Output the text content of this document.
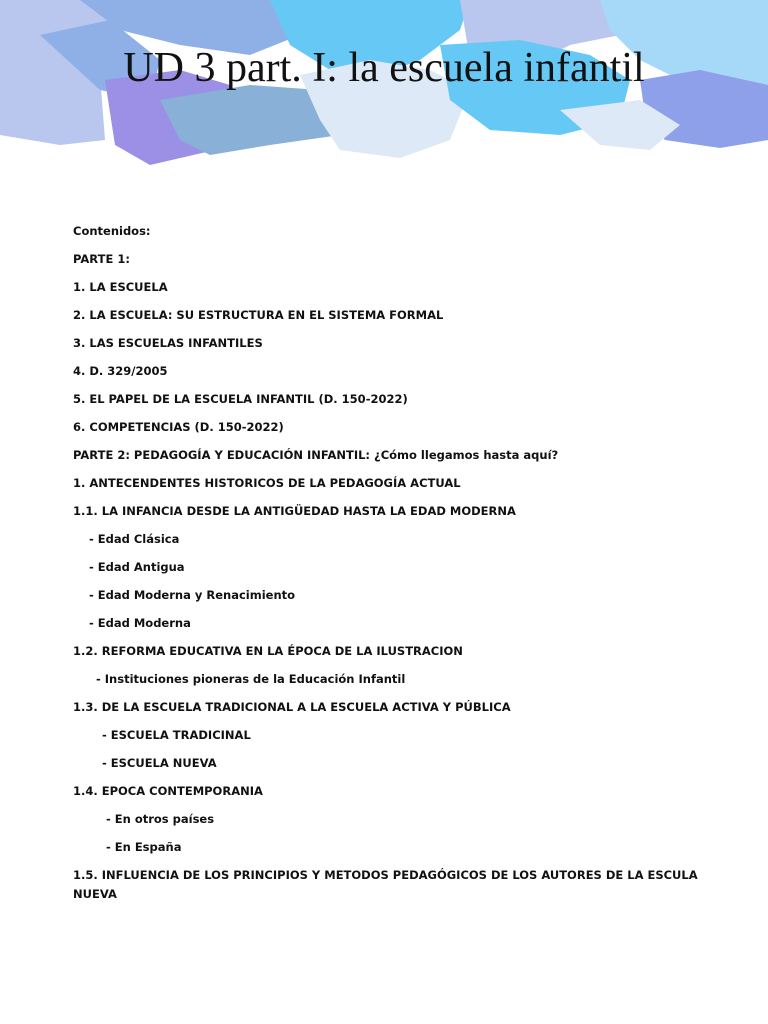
UD 3 part. I: la escuela infantil
Contenidos:
PARTE 1:
1. LA ESCUELA
2. LA ESCUELA: SU ESTRUCTURA EN EL SISTEMA FORMAL
3. LAS ESCUELAS INFANTILES
4. D. 329/2005
5. EL PAPEL DE LA ESCUELA INFANTIL (D. 150-2022)
6. COMPETENCIAS (D. 150-2022)
PARTE 2: PEDAGOGÍA Y EDUCACIÓN INFANTIL: ¿Cómo llegamos hasta aquí?
1. ANTECENDENTES HISTORICOS DE LA PEDAGOGÍA ACTUAL
1.1. LA INFANCIA DESDE LA ANTIGÜEDAD HASTA LA EDAD MODERNA
- Edad Clásica
- Edad Antigua
- Edad Moderna y Renacimiento
- Edad Moderna
1.2. REFORMA EDUCATIVA EN LA ÉPOCA DE LA ILUSTRACION
- Instituciones pioneras de la Educación Infantil
1.3. DE LA ESCUELA TRADICIONAL A LA ESCUELA ACTIVA Y PÚBLICA
- ESCUELA TRADICINAL
- ESCUELA NUEVA
1.4. EPOCA CONTEMPORANIA
- En otros países
- En España
1.5. INFLUENCIA DE LOS PRINCIPIOS Y METODOS PEDAGÓGICOS DE LOS AUTORES DE LA ESCULA NUEVA
